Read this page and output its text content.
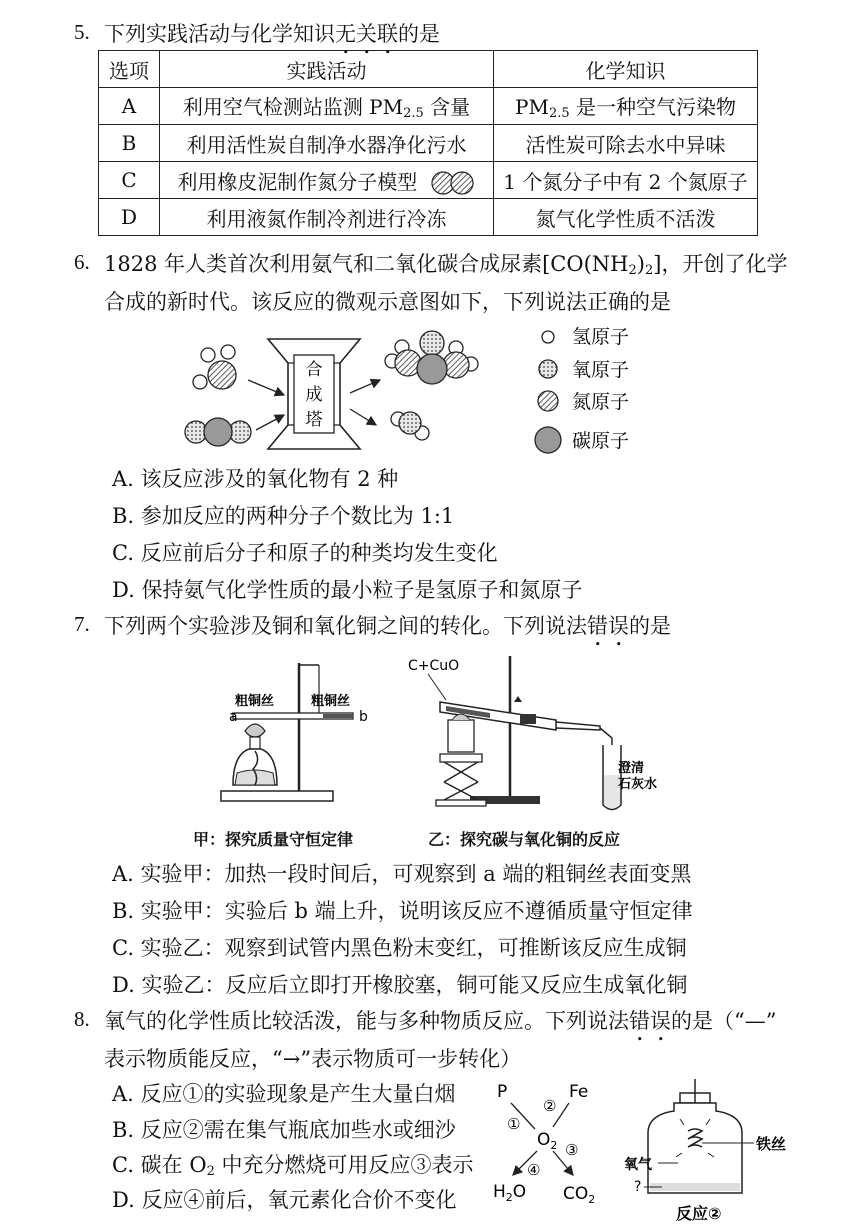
5. 下列实践活动与化学知识无关联的是
选项	实践活动	化学知识
A	利用空气检测站监测 $PM_{2.5}$ 含量	$PM_{2.5}$ 是一种空气污染物
B	利用活性炭自制净水器净化污水	活性炭可除去水中异味
C	利用橡皮泥制作氮分子模型	1 个氮分子中有 2 个氮原子
D	利用液氮作制冷剂进行冷冻	氮气化学性质不活泼
6. 1828 年人类首次利用氨气和二氧化碳合成尿素$[CO(NH_2)_2]$，开创了化学
合成的新时代。该反应的微观示意图如下，下列说法正确的是
合
成
塔
氢原子
氧原子
氮原子
碳原子
A. 该反应涉及的氧化物有 2 种
B. 参加反应的两种分子个数比为 1:1
C. 反应前后分子和原子的种类均发生变化
D. 保持氨气化学性质的最小粒子是氢原子和氮原子
7. 下列两个实验涉及铜和氧化铜之间的转化。下列说法错误的是
a	b
粗铜丝	粗铜丝
C+CuO
澄清
石灰水
甲：探究质量守恒定律	乙：探究碳与氧化铜的反应
A. 实验甲：加热一段时间后，可观察到 a 端的粗铜丝表面变黑
B. 实验甲：实验后 b 端上升，说明该反应不遵循质量守恒定律
C. 实验乙：观察到试管内黑色粉末变红，可推断该反应生成铜
D. 实验乙：反应后立即打开橡胶塞，铜可能又反应生成氧化铜
8. 氧气的化学性质比较活泼，能与多种物质反应。下列说法错误的是（“—”
表示物质能反应，“→”表示物质可一步转化）
A. 反应①的实验现象是产生大量白烟
B. 反应②需在集气瓶底加些水或细沙
C. 碳在 $O_2$ 中充分燃烧可用反应③表示
D. 反应④前后，氧元素化合价不变化
P	Fe
$O_2$
①
②
③
④
$H_2O$ $CO_2$
铁丝
氧气
?
反应②
